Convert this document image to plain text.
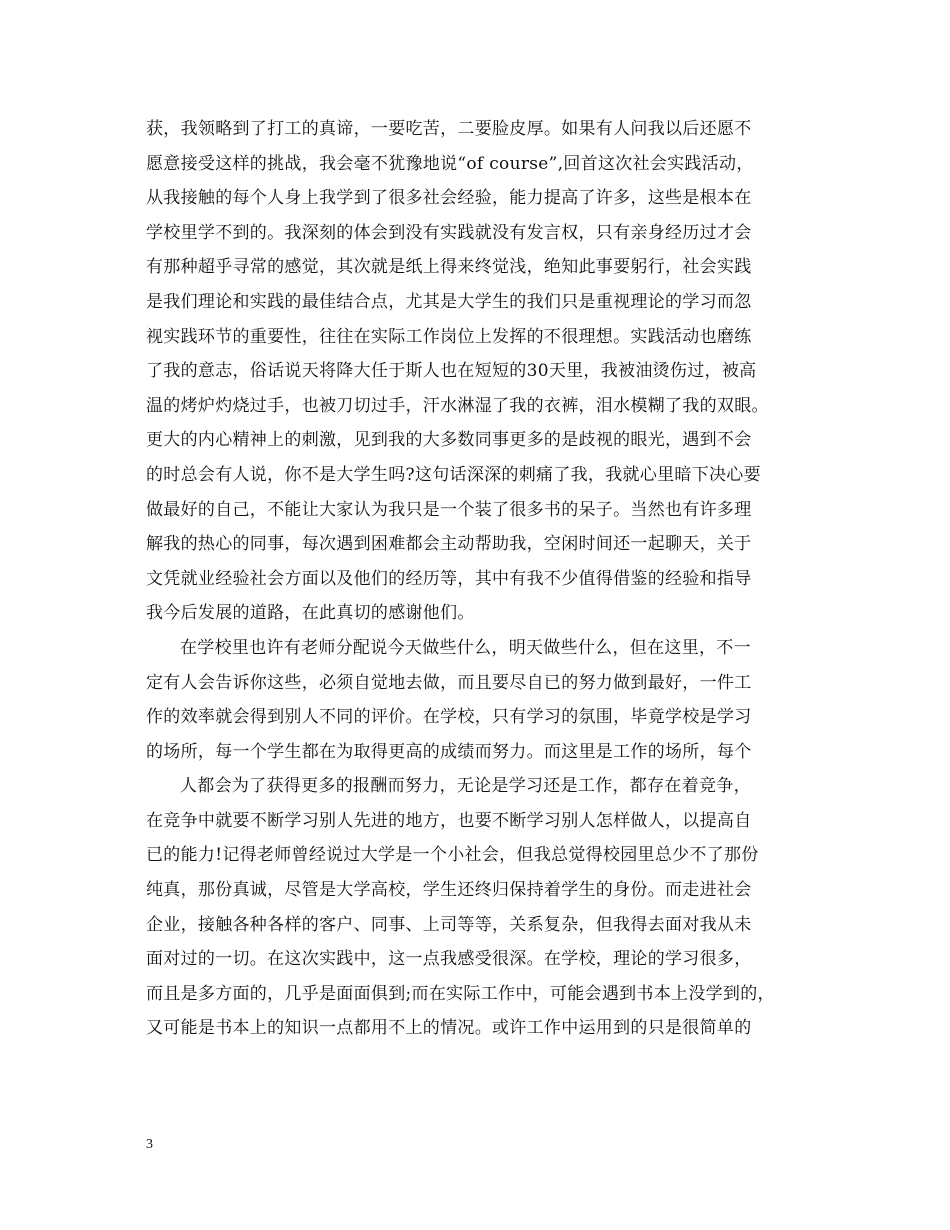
获，我领略到了打工的真谛，一要吃苦，二要脸皮厚。如果有人问我以后还愿不
愿意接受这样的挑战，我会毫不犹豫地说“of course”,回首这次社会实践活动，
从我接触的每个人身上我学到了很多社会经验，能力提高了许多，这些是根本在
学校里学不到的。我深刻的体会到没有实践就没有发言权，只有亲身经历过才会
有那种超乎寻常的感觉，其次就是纸上得来终觉浅，绝知此事要躬行，社会实践
是我们理论和实践的最佳结合点，尤其是大学生的我们只是重视理论的学习而忽
视实践环节的重要性，往往在实际工作岗位上发挥的不很理想。实践活动也磨练
了我的意志，俗话说天将降大任于斯人也在短短的30天里，我被油烫伤过，被高
温的烤炉灼烧过手，也被刀切过手，汗水淋湿了我的衣裤，泪水模糊了我的双眼。
更大的内心精神上的刺激，见到我的大多数同事更多的是歧视的眼光，遇到不会
的时总会有人说，你不是大学生吗?这句话深深的刺痛了我，我就心里暗下决心要
做最好的自己，不能让大家认为我只是一个装了很多书的呆子。当然也有许多理
解我的热心的同事，每次遇到困难都会主动帮助我，空闲时间还一起聊天，关于
文凭就业经验社会方面以及他们的经历等，其中有我不少值得借鉴的经验和指导
我今后发展的道路，在此真切的感谢他们。
在学校里也许有老师分配说今天做些什么，明天做些什么，但在这里，不一
定有人会告诉你这些，必须自觉地去做，而且要尽自已的努力做到最好，一件工
作的效率就会得到别人不同的评价。在学校，只有学习的氛围，毕竟学校是学习
的场所，每一个学生都在为取得更高的成绩而努力。而这里是工作的场所，每个
人都会为了获得更多的报酬而努力，无论是学习还是工作，都存在着竞争，
在竞争中就要不断学习别人先进的地方，也要不断学习别人怎样做人，以提高自
已的能力!记得老师曾经说过大学是一个小社会，但我总觉得校园里总少不了那份
纯真，那份真诚，尽管是大学高校，学生还终归保持着学生的身份。而走进社会
企业，接触各种各样的客户、同事、上司等等，关系复杂，但我得去面对我从未
面对过的一切。在这次实践中，这一点我感受很深。在学校，理论的学习很多，
而且是多方面的，几乎是面面俱到;而在实际工作中，可能会遇到书本上没学到的，
又可能是书本上的知识一点都用不上的情况。或许工作中运用到的只是很简单的
3
